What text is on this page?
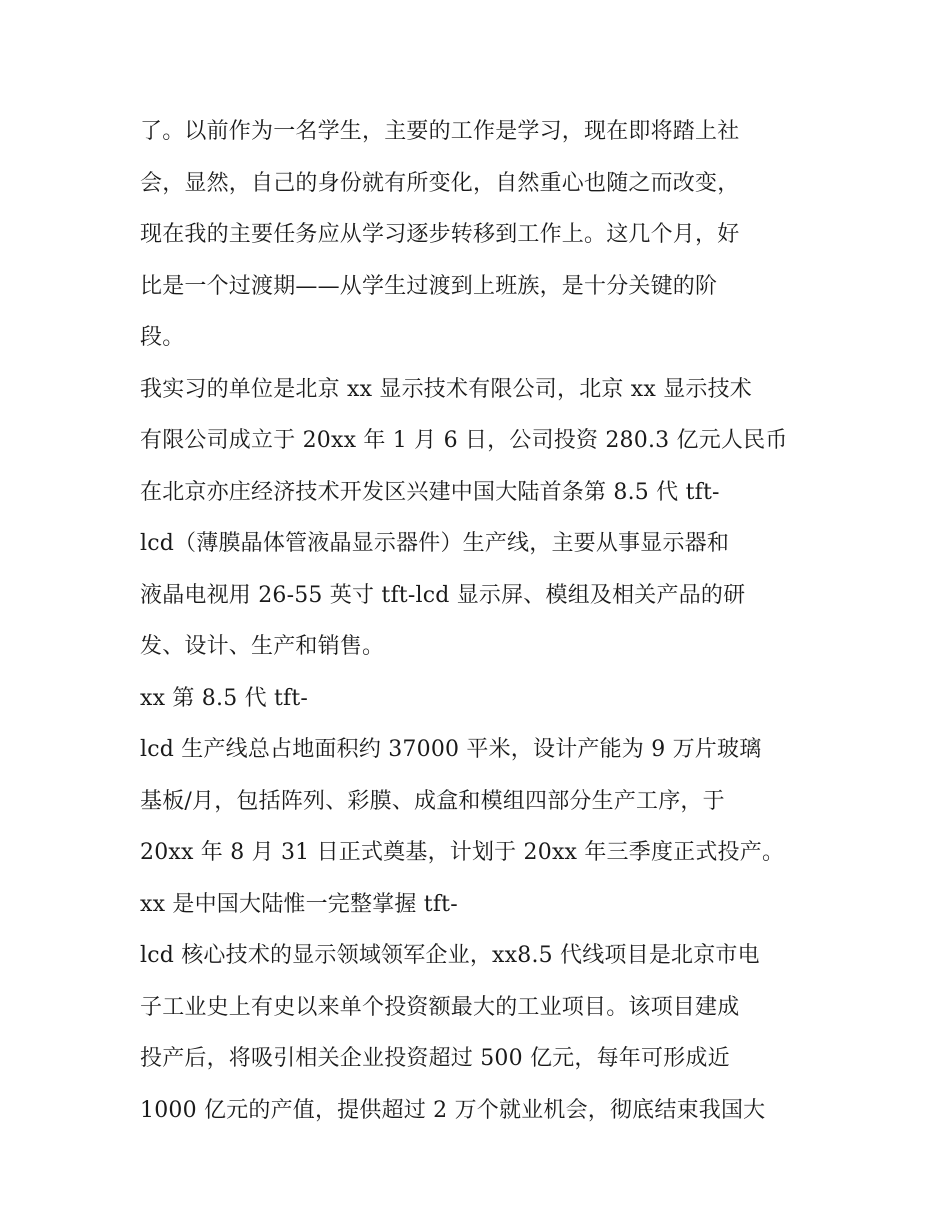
了。以前作为一名学生，主要的工作是学习，现在即将踏上社
会，显然，自己的身份就有所变化，自然重心也随之而改变，
现在我的主要任务应从学习逐步转移到工作上。这几个月，好
比是一个过渡期——从学生过渡到上班族，是十分关键的阶
段。
我实习的单位是北京 xx 显示技术有限公司，北京 xx 显示技术
有限公司成立于 20xx 年 1 月 6 日，公司投资 280.3 亿元人民币
在北京亦庄经济技术开发区兴建中国大陆首条第 8.5 代 tft-
lcd（薄膜晶体管液晶显示器件）生产线，主要从事显示器和
液晶电视用 26-55 英寸 tft-lcd 显示屏、模组及相关产品的研
发、设计、生产和销售。
xx 第 8.5 代 tft-
lcd 生产线总占地面积约 37000 平米，设计产能为 9 万片玻璃
基板/月，包括阵列、彩膜、成盒和模组四部分生产工序，于
20xx 年 8 月 31 日正式奠基，计划于 20xx 年三季度正式投产。
xx 是中国大陆惟一完整掌握 tft-
lcd 核心技术的显示领域领军企业，xx8.5 代线项目是北京市电
子工业史上有史以来单个投资额最大的工业项目。该项目建成
投产后，将吸引相关企业投资超过 500 亿元，每年可形成近
1000 亿元的产值，提供超过 2 万个就业机会，彻底结束我国大
